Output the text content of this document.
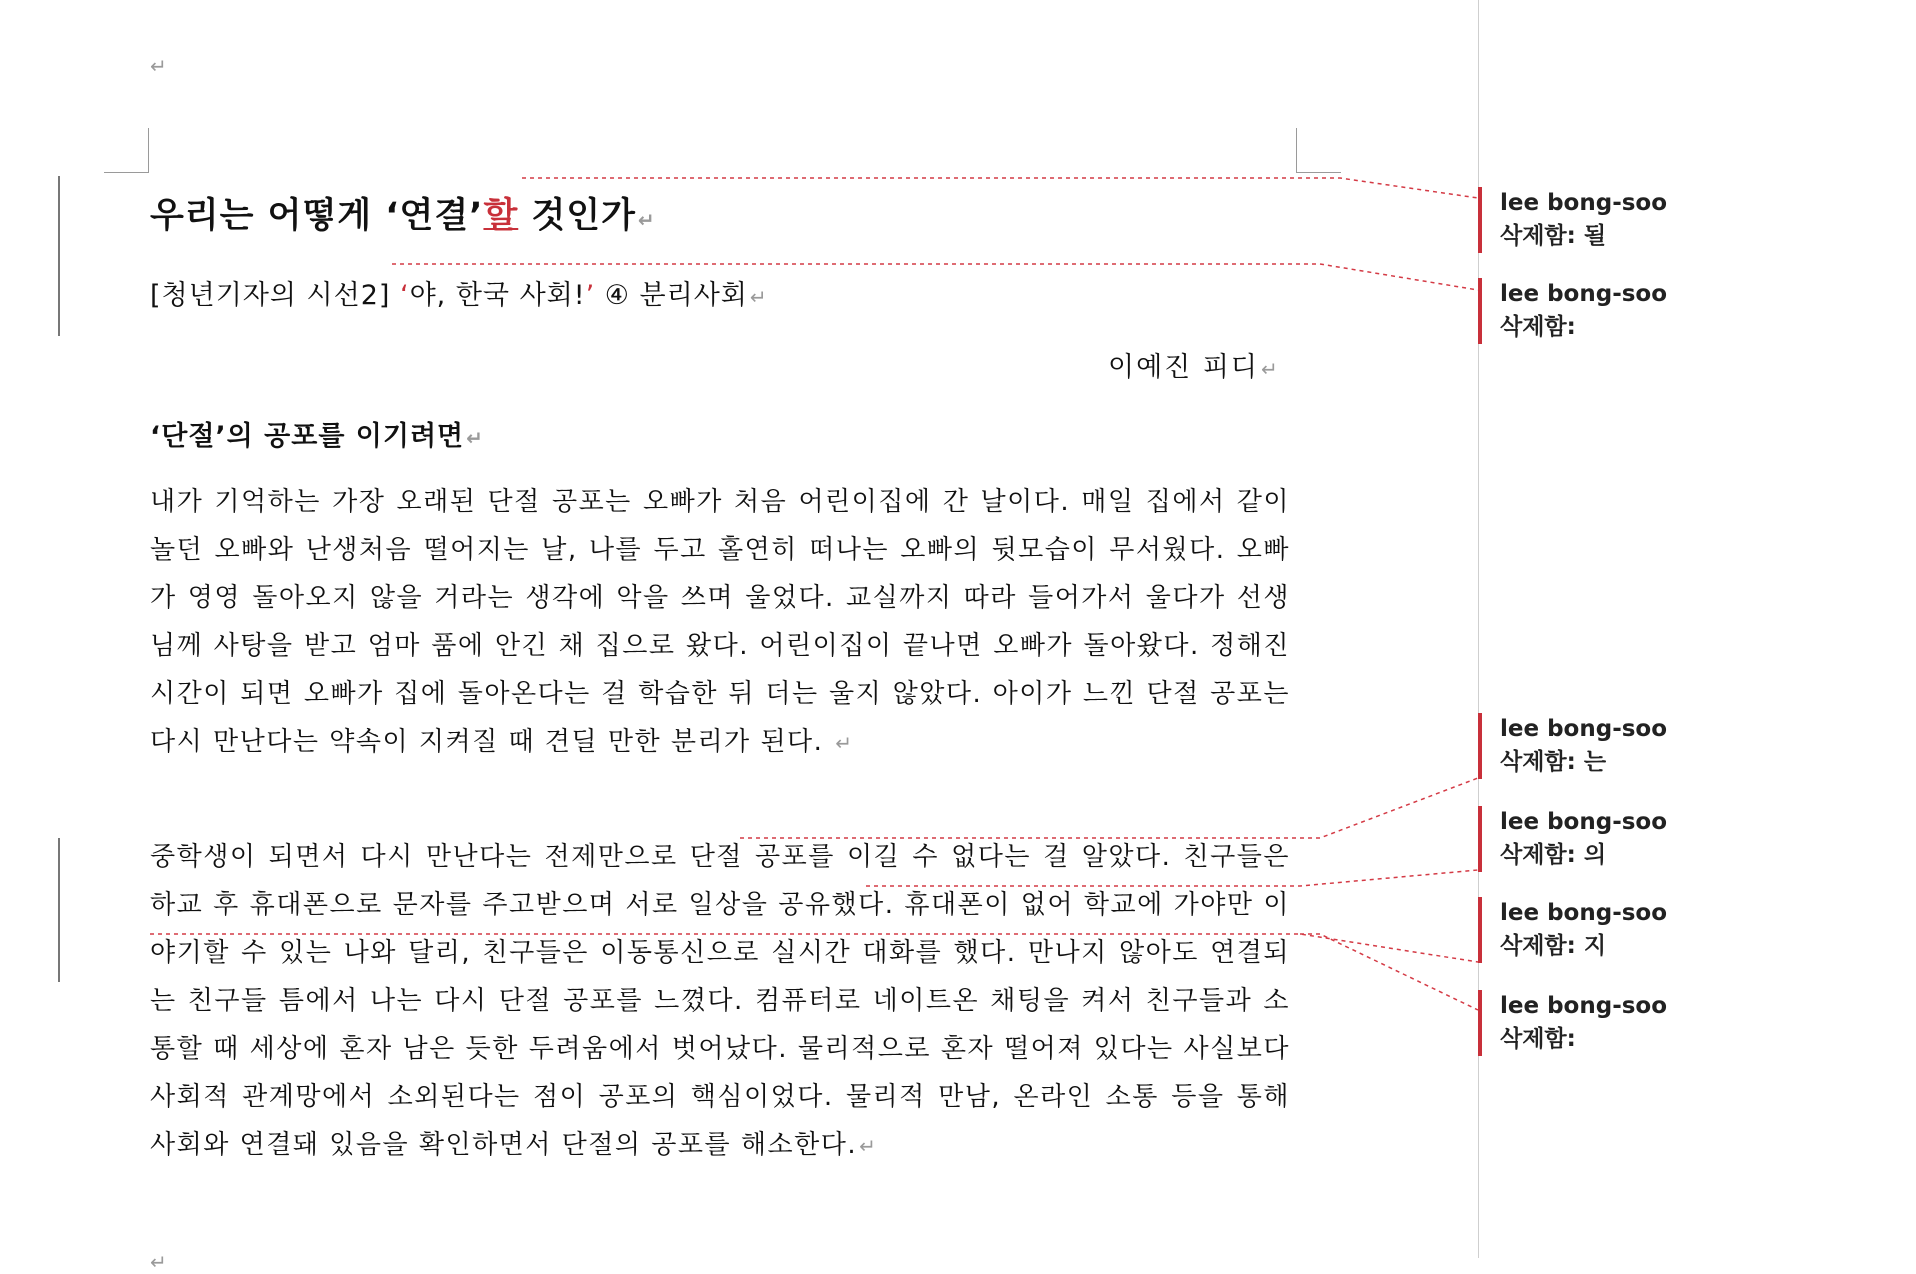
↵
우리는 어떻게 ‘연결’할 것인가 ↵
[청년기자의 시선2] ‘야, 한국 사회!’ ④ 분리사회 ↵
이예진 피디 ↵
‘단절’의 공포를 이기려면 ↵
내가 기억하는 가장 오래된 단절 공포는 오빠가 처음 어린이집에 간 날이다. 매일 집에서 같이 놀던 오빠와 난생처음 떨어지는 날, 나를 두고 홀연히 떠나는 오빠의 뒷모습이 무서웠다. 오빠가 영영 돌아오지 않을 거라는 생각에 악을 쓰며 울었다. 교실까지 따라 들어가서 울다가 선생님께 사탕을 받고 엄마 품에 안긴 채 집으로 왔다. 어린이집이 끝나면 오빠가 돌아왔다. 정해진 시간이 되면 오빠가 집에 돌아온다는 걸 학습한 뒤 더는 울지 않았다. 아이가 느낀 단절 공포는 다시 만난다는 약속이 지켜질 때 견딜 만한 분리가 된다. ↵
중학생이 되면서 다시 만난다는 전제만으로 단절 공포를 이길 수 없다는 걸 알았다. 친구들은 하교 후 휴대폰으로 문자를 주고받으며 서로 일상을 공유했다. 휴대폰이 없어 학교에 가야만 이야기할 수 있는 나와 달리, 친구들은 이동통신으로 실시간 대화를 했다. 만나지 않아도 연결되는 친구들 틈에서 나는 다시 단절 공포를 느꼈다. 컴퓨터로 네이트온 채팅을 켜서 친구들과 소통할 때 세상에 혼자 남은 듯한 두려움에서 벗어났다. 물리적으로 혼자 떨어져 있다는 사실보다 사회적 관계망에서 소외된다는 점이 공포의 핵심이었다. 물리적 만남, 온라인 소통 등을 통해 사회와 연결돼 있음을 확인하면서 단절의 공포를 해소한다. ↵
↵
lee bong-soo
삭제함: 될
lee bong-soo
삭제함:
lee bong-soo
삭제함: 는
lee bong-soo
삭제함: 의
lee bong-soo
삭제함: 지
lee bong-soo
삭제함:
